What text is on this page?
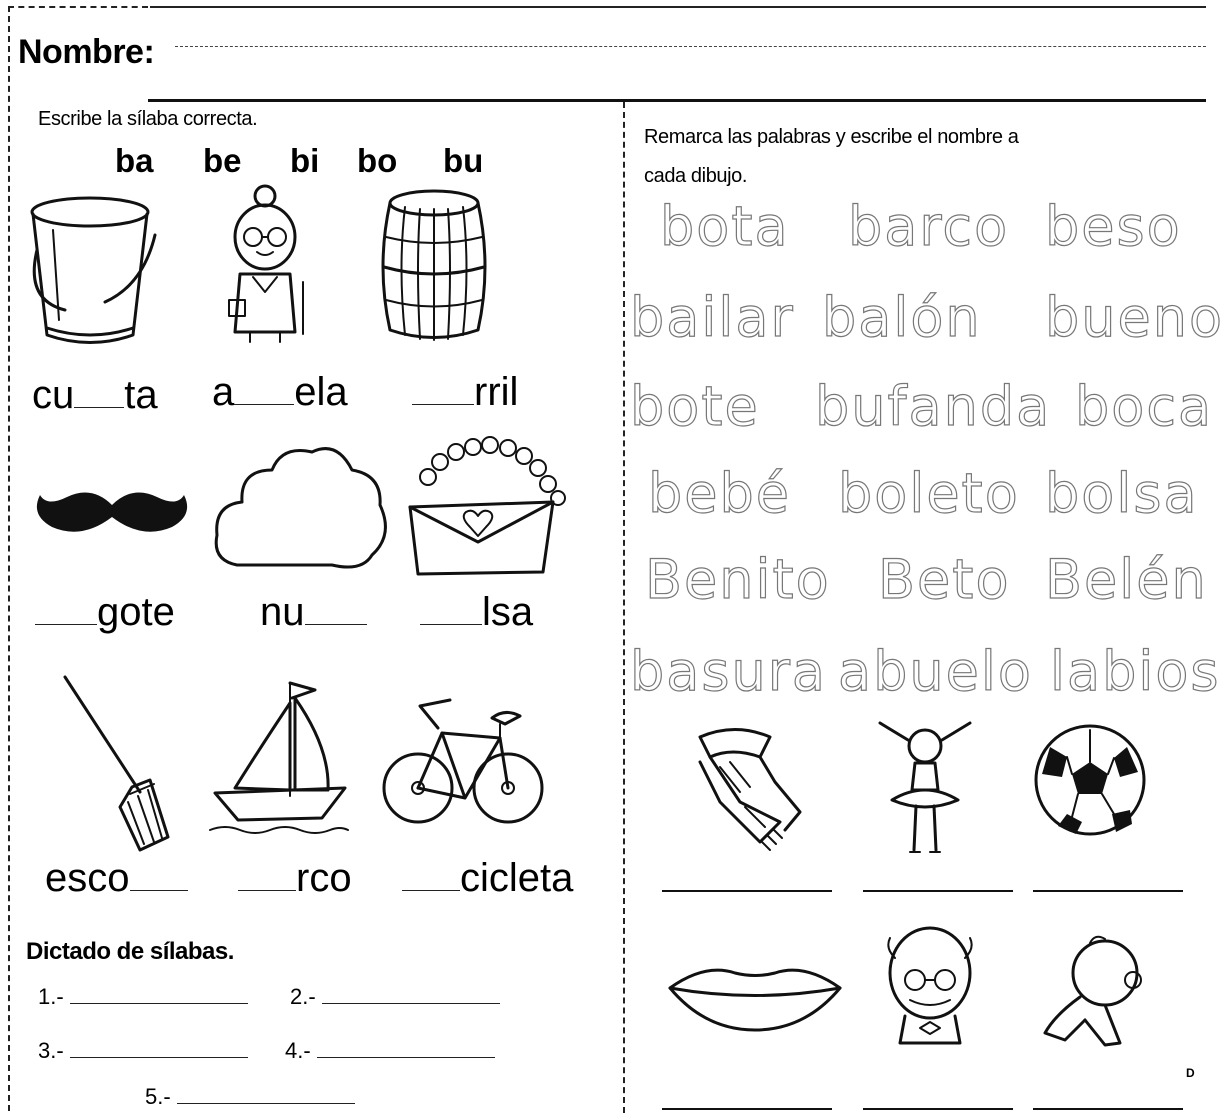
Nombre:
Escribe la sílaba correcta.
ba be bi bo bu
cu ta a ela	rril
gote nu	lsa
esco	rco	cicleta
Dictado de sílabas.
1.-	2.-
3.-	4.-
5.-
Remarca las palabras y escribe el nombre a
cada dibujo.
bota barco beso
bailar balón bueno
bote bufanda boca
bebé boleto bolsa
Benito Beto Belén
basura abuelo labios
D
